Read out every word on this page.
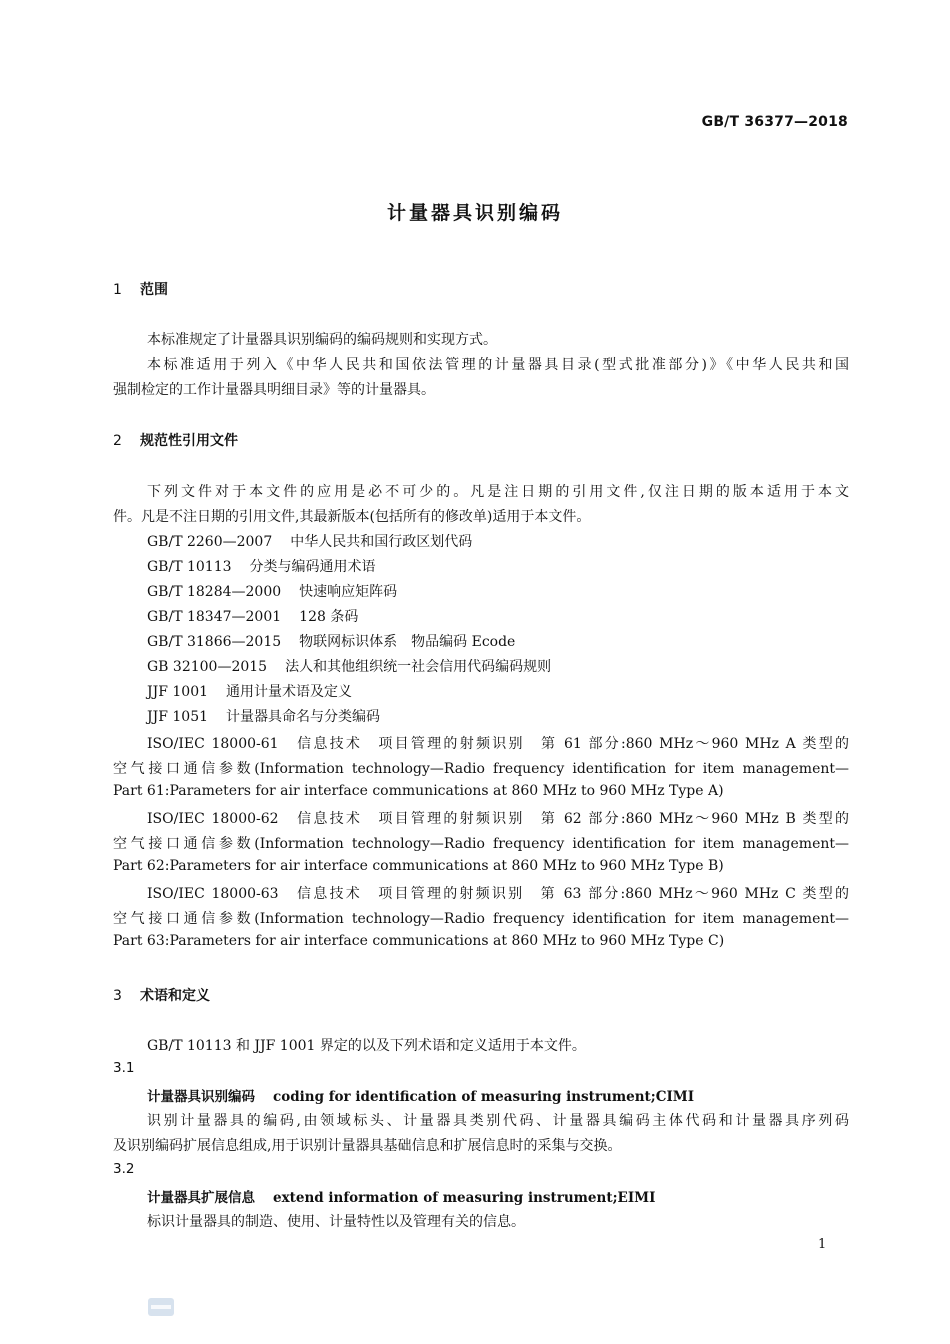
GB/T 36377—2018
计量器具识别编码
1 范围
本标准规定了计量器具识别编码的编码规则和实现方式。
本标准适用于列入《中华人民共和国依法管理的计量器具目录(型式批准部分)》《中华人民共和国
强制检定的工作计量器具明细目录》等的计量器具。
2 规范性引用文件
下列文件对于本文件的应用是必不可少的。凡是注日期的引用文件,仅注日期的版本适用于本文
件。凡是不注日期的引用文件,其最新版本(包括所有的修改单)适用于本文件。
GB/T 2260—2007 中华人民共和国行政区划代码
GB/T 10113 分类与编码通用术语
GB/T 18284—2000 快速响应矩阵码
GB/T 18347—2001 128 条码
GB/T 31866—2015 物联网标识体系　物品编码 Ecode
GB 32100—2015 法人和其他组织统一社会信用代码编码规则
JJF 1001 通用计量术语及定义
JJF 1051 计量器具命名与分类编码
ISO/IEC 18000-61　信息技术　项目管理的射频识别　第 61 部分:860 MHz～960 MHz A 类型的
空气接口通信参数(Information technology—Radio frequency identification for item management—
Part 61:Parameters for air interface communications at 860 MHz to 960 MHz Type A)
ISO/IEC 18000-62　信息技术　项目管理的射频识别　第 62 部分:860 MHz～960 MHz B 类型的
空气接口通信参数(Information technology—Radio frequency identification for item management—
Part 62:Parameters for air interface communications at 860 MHz to 960 MHz Type B)
ISO/IEC 18000-63　信息技术　项目管理的射频识别　第 63 部分:860 MHz～960 MHz C 类型的
空气接口通信参数(Information technology—Radio frequency identification for item management—
Part 63:Parameters for air interface communications at 860 MHz to 960 MHz Type C)
3 术语和定义
GB/T 10113 和 JJF 1001 界定的以及下列术语和定义适用于本文件。
3.1
计量器具识别编码 coding for identification of measuring instrument;CIMI
识别计量器具的编码,由领域标头、计量器具类别代码、计量器具编码主体代码和计量器具序列码
及识别编码扩展信息组成,用于识别计量器具基础信息和扩展信息时的采集与交换。
3.2
计量器具扩展信息 extend information of measuring instrument;EIMI
标识计量器具的制造、使用、计量特性以及管理有关的信息。
1
